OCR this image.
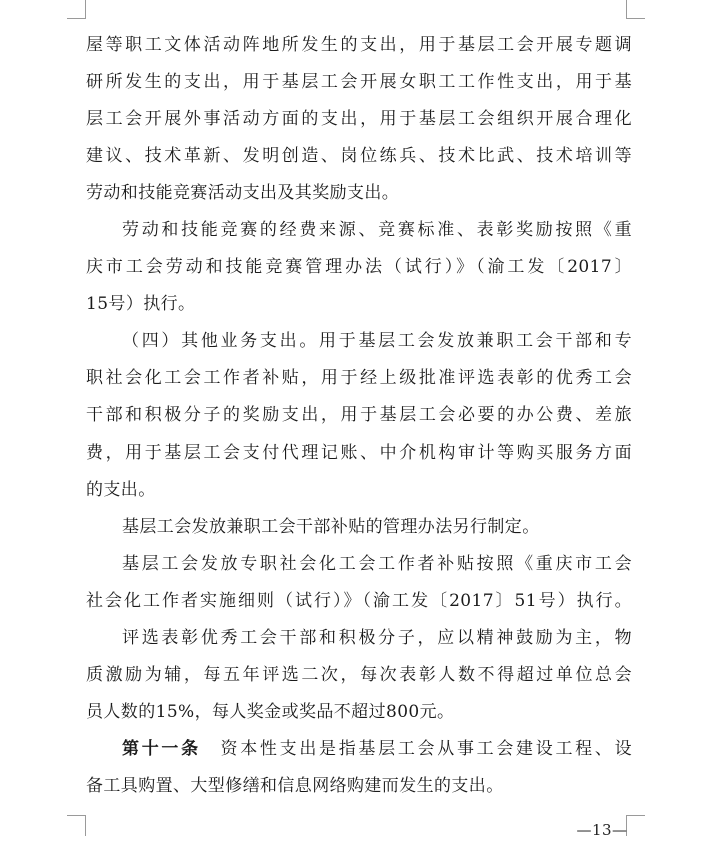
屋等职工文体活动阵地所发生的支出，用于基层工会开展专题调
研所发生的支出，用于基层工会开展女职工工作性支出，用于基
层工会开展外事活动方面的支出，用于基层工会组织开展合理化
建议、技术革新、发明创造、岗位练兵、技术比武、技术培训等
劳动和技能竞赛活动支出及其奖励支出。
劳动和技能竞赛的经费来源、竞赛标准、表彰奖励按照《重
庆市工会劳动和技能竞赛管理办法（试行）》（渝工发〔2017〕
15号）执行。
（四）其他业务支出。用于基层工会发放兼职工会干部和专
职社会化工会工作者补贴，用于经上级批准评选表彰的优秀工会
干部和积极分子的奖励支出，用于基层工会必要的办公费、差旅
费，用于基层工会支付代理记账、中介机构审计等购买服务方面
的支出。
基层工会发放兼职工会干部补贴的管理办法另行制定。
基层工会发放专职社会化工会工作者补贴按照《重庆市工会
社会化工作者实施细则（试行）》（渝工发〔2017〕51号）执行。
评选表彰优秀工会干部和积极分子，应以精神鼓励为主，物
质激励为辅，每五年评选二次，每次表彰人数不得超过单位总会
员人数的15%，每人奖金或奖品不超过800元。
第十一条　 资本性支出是指基层工会从事工会建设工程、设
备工具购置、大型修缮和信息网络购建而发生的支出。
—13—
